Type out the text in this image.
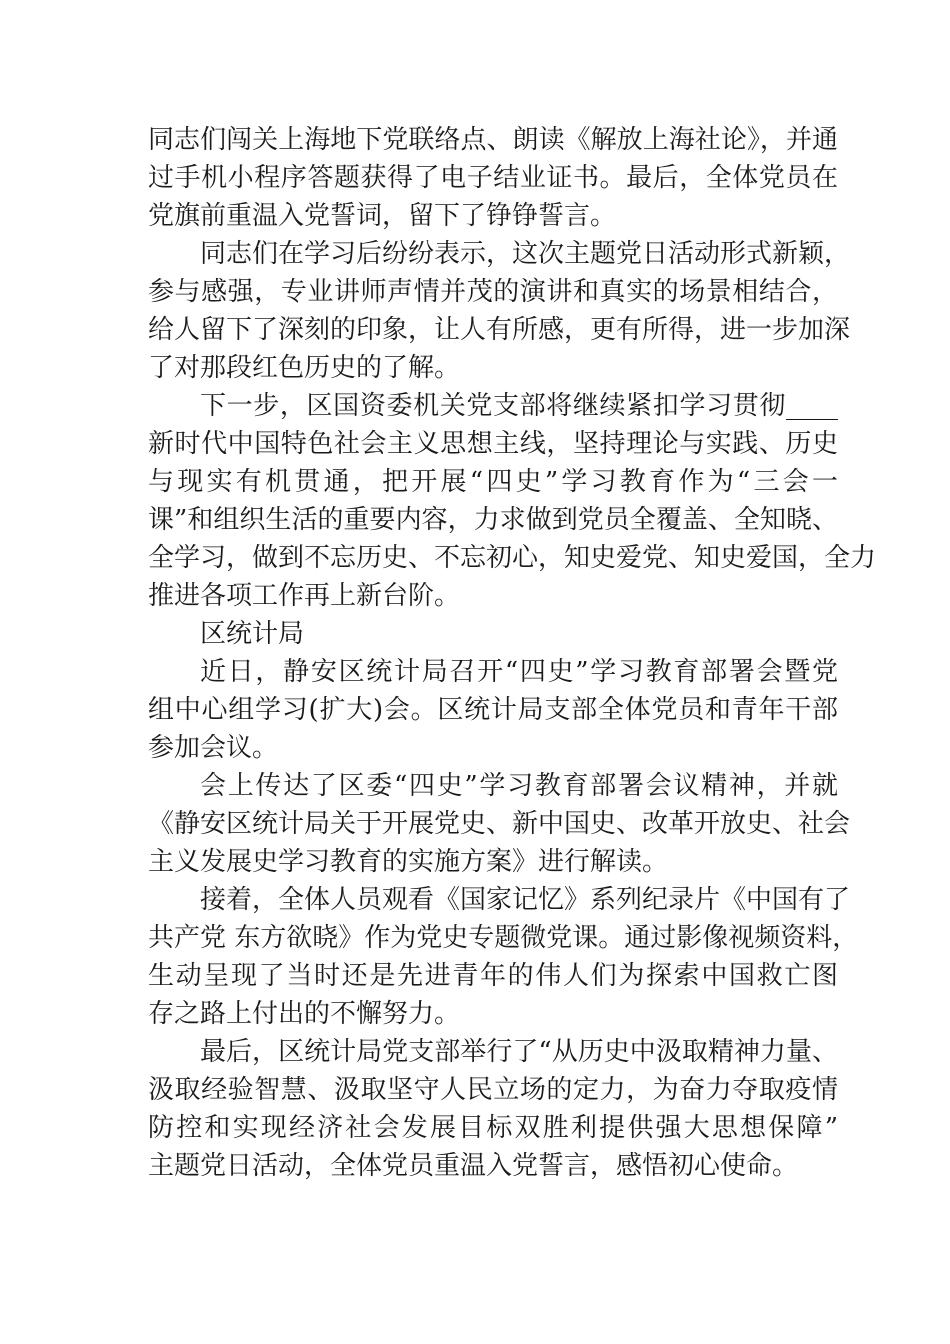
同志们闯关上海地下党联络点、朗读《解放上海社论》，并通
过手机小程序答题获得了电子结业证书。最后，全体党员在
党旗前重温入党誓词，留下了铮铮誓言。
同志们在学习后纷纷表示，这次主题党日活动形式新颖，
参与感强，专业讲师声情并茂的演讲和真实的场景相结合，
给人留下了深刻的印象，让人有所感，更有所得，进一步加深
了对那段红色历史的了解。
下一步，区国资委机关党支部将继续紧扣学习贯彻____
新时代中国特色社会主义思想主线，坚持理论与实践、历史
与现实有机贯通，把开展“四史”学习教育作为“三会一
课”和组织生活的重要内容，力求做到党员全覆盖、全知晓、
全学习，做到不忘历史、不忘初心，知史爱党、知史爱国，全力
推进各项工作再上新台阶。
区统计局
近日，静安区统计局召开“四史”学习教育部署会暨党
组中心组学习(扩大)会。区统计局支部全体党员和青年干部
参加会议。
会上传达了区委“四史”学习教育部署会议精神，并就
《静安区统计局关于开展党史、新中国史、改革开放史、社会
主义发展史学习教育的实施方案》进行解读。
接着，全体人员观看《国家记忆》系列纪录片《中国有了
共产党 东方欲晓》作为党史专题微党课。通过影像视频资料，
生动呈现了当时还是先进青年的伟人们为探索中国救亡图
存之路上付出的不懈努力。
最后，区统计局党支部举行了“从历史中汲取精神力量、
汲取经验智慧、汲取坚守人民立场的定力，为奋力夺取疫情
防控和实现经济社会发展目标双胜利提供强大思想保障”
主题党日活动，全体党员重温入党誓言，感悟初心使命。
